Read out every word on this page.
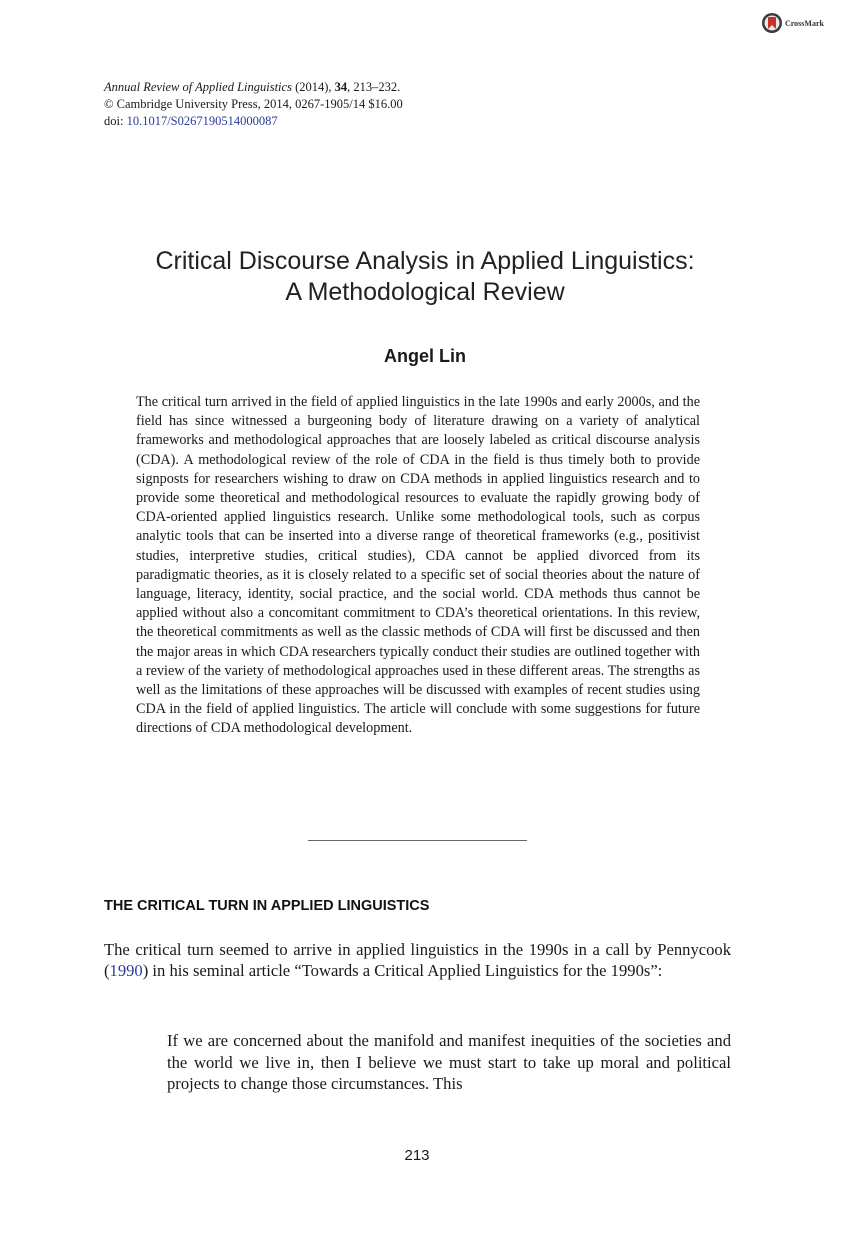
CrossMark
Annual Review of Applied Linguistics (2014), 34, 213–232.
© Cambridge University Press, 2014, 0267-1905/14 $16.00
doi: 10.1017/S0267190514000087
Critical Discourse Analysis in Applied Linguistics:
A Methodological Review
Angel Lin
The critical turn arrived in the field of applied linguistics in the late 1990s and early 2000s, and the field has since witnessed a burgeoning body of literature drawing on a variety of analytical frameworks and methodological approaches that are loosely labeled as critical discourse analysis (CDA). A methodological review of the role of CDA in the field is thus timely both to provide signposts for researchers wishing to draw on CDA methods in applied linguistics research and to provide some theoretical and methodological resources to evaluate the rapidly growing body of CDA-oriented applied linguistics research. Unlike some methodological tools, such as corpus analytic tools that can be inserted into a diverse range of theoretical frameworks (e.g., positivist studies, interpretive studies, critical studies), CDA cannot be applied divorced from its paradigmatic theories, as it is closely related to a specific set of social theories about the nature of language, literacy, identity, social practice, and the social world. CDA methods thus cannot be applied without also a concomitant commitment to CDA’s theoretical orientations. In this review, the theoretical commitments as well as the classic methods of CDA will first be discussed and then the major areas in which CDA researchers typically conduct their studies are outlined together with a review of the variety of methodological approaches used in these different areas. The strengths as well as the limitations of these approaches will be discussed with examples of recent studies using CDA in the field of applied linguistics. The article will conclude with some suggestions for future directions of CDA methodological development.
THE CRITICAL TURN IN APPLIED LINGUISTICS
The critical turn seemed to arrive in applied linguistics in the 1990s in a call by Pennycook (1990) in his seminal article “Towards a Critical Applied Linguistics for the 1990s”:
If we are concerned about the manifold and manifest inequities of the societies and the world we live in, then I believe we must start to take up moral and political projects to change those circumstances. This
213
